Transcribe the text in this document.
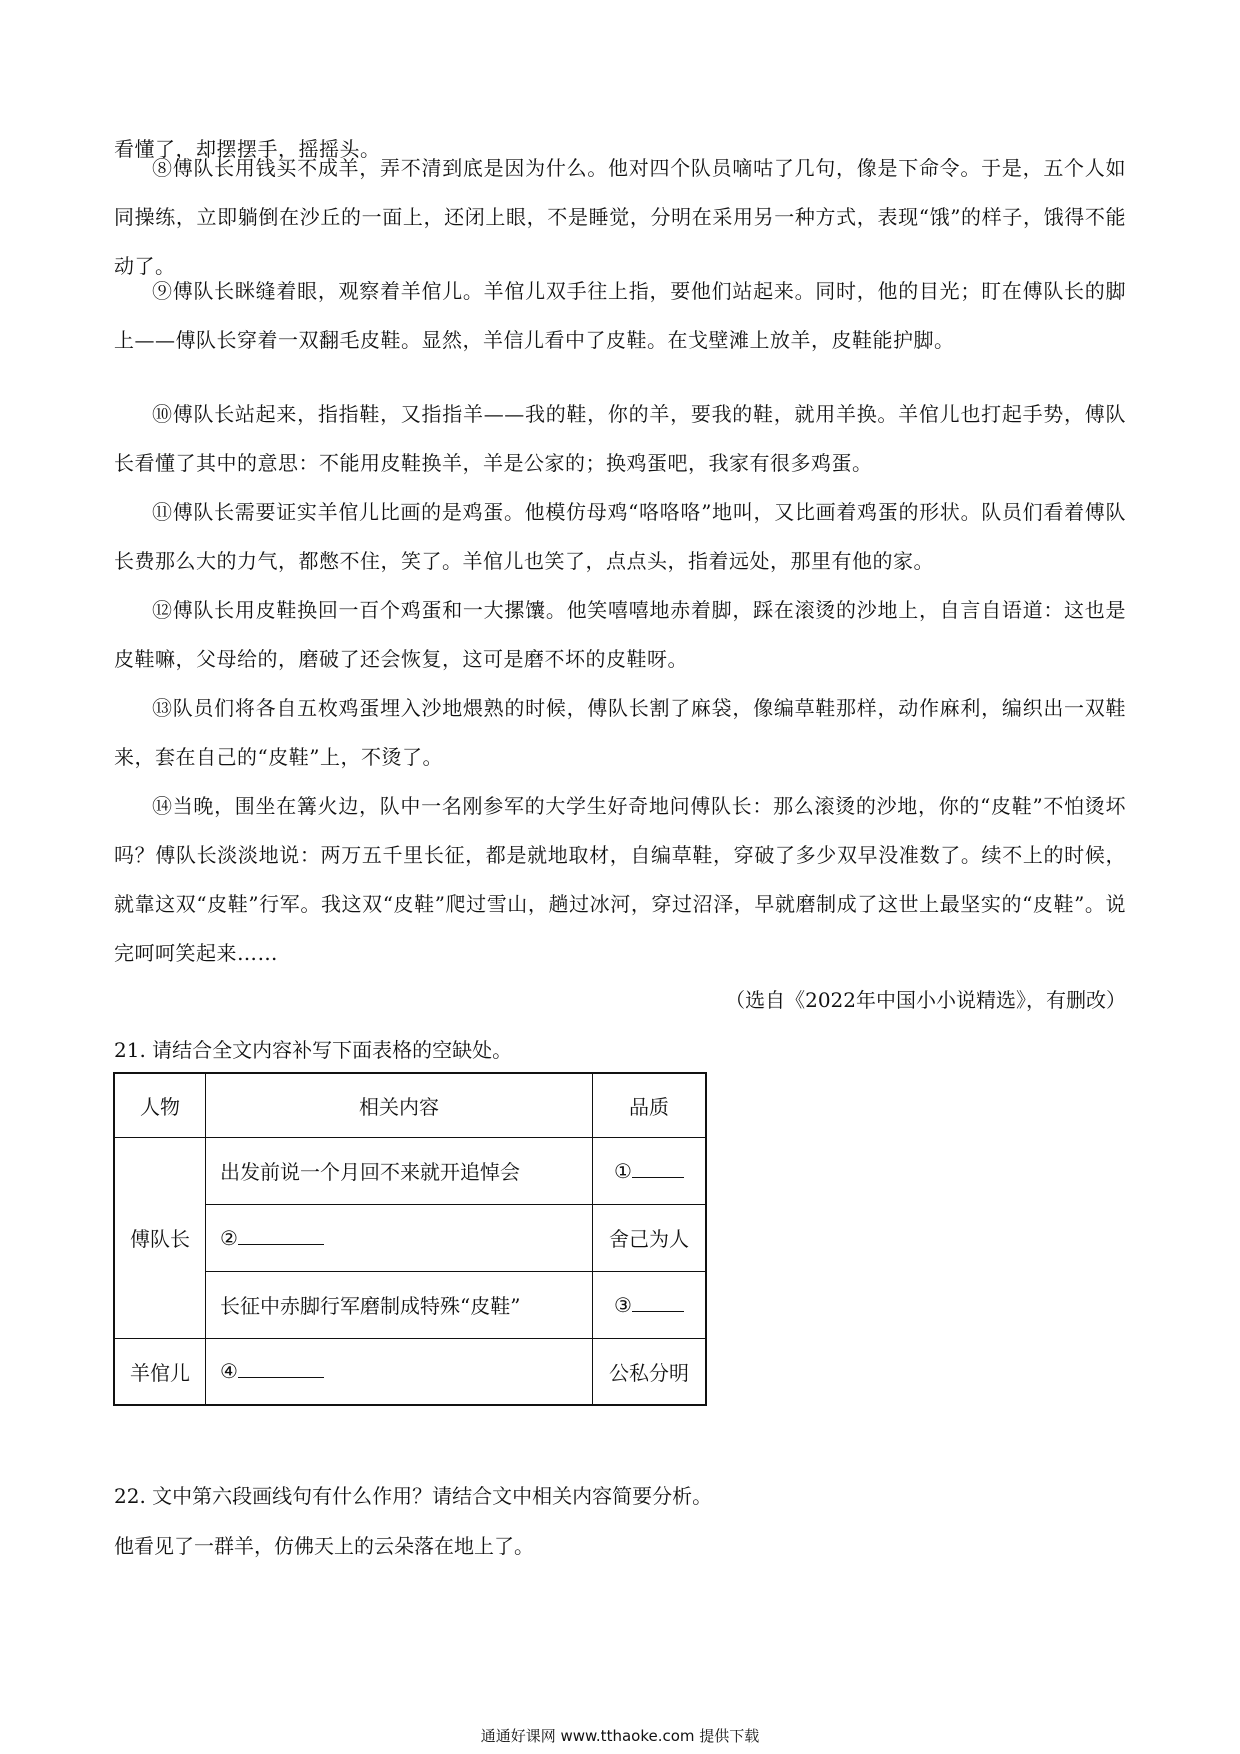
看懂了，却摆摆手，摇摇头。

⑧傅队长用钱买不成羊，弄不清到底是因为什么。他对四个队员嘀咕了几句，像是下命令。于是，五个人如同操练，立即躺倒在沙丘的一面上，还闭上眼，不是睡觉，分明在采用另一种方式，表现“饿”的样子，饿得不能动了。

⑨傅队长眯缝着眼，观察着羊倌儿。羊倌儿双手往上指，要他们站起来。同时，他的目光；盯在傅队长的脚上——傅队长穿着一双翻毛皮鞋。显然，羊信儿看中了皮鞋。在戈壁滩上放羊，皮鞋能护脚。

⑩傅队长站起来，指指鞋，又指指羊——我的鞋，你的羊，要我的鞋，就用羊换。羊倌儿也打起手势，傅队长看懂了其中的意思：不能用皮鞋换羊，羊是公家的；换鸡蛋吧，我家有很多鸡蛋。

⑪傅队长需要证实羊倌儿比画的是鸡蛋。他模仿母鸡“咯咯咯”地叫，又比画着鸡蛋的形状。队员们看着傅队长费那么大的力气，都憋不住，笑了。羊倌儿也笑了，点点头，指着远处，那里有他的家。

⑫傅队长用皮鞋换回一百个鸡蛋和一大摞馕。他笑嘻嘻地赤着脚，踩在滚烫的沙地上，自言自语道：这也是皮鞋嘛，父母给的，磨破了还会恢复，这可是磨不坏的皮鞋呀。

⑬队员们将各自五枚鸡蛋埋入沙地煨熟的时候，傅队长割了麻袋，像编草鞋那样，动作麻利，编织出一双鞋来，套在自己的“皮鞋”上，不烫了。

⑭当晚，围坐在篝火边，队中一名刚参军的大学生好奇地问傅队长：那么滚烫的沙地，你的“皮鞋”不怕烫坏吗？傅队长淡淡地说：两万五千里长征，都是就地取材，自编草鞋，穿破了多少双早没准数了。续不上的时候，就靠这双“皮鞋”行军。我这双“皮鞋”爬过雪山，趟过冰河，穿过沼泽，早就磨制成了这世上最坚实的“皮鞋”。说完呵呵笑起来……

（选自《2022年中国小小说精选》，有删改）

21. 请结合全文内容补写下面表格的空缺处。

人物	相关内容	品质
傅队长	出发前说一个月回不来就开追悼会	①
	②	舍己为人
	长征中赤脚行军磨制成特殊“皮鞋”	③
羊倌儿	④	公私分明

22. 文中第六段画线句有什么作用？请结合文中相关内容简要分析。

他看见了一群羊，仿佛天上的云朵落在地上了。

通通好课网 www.tthaoke.com 提供下载
